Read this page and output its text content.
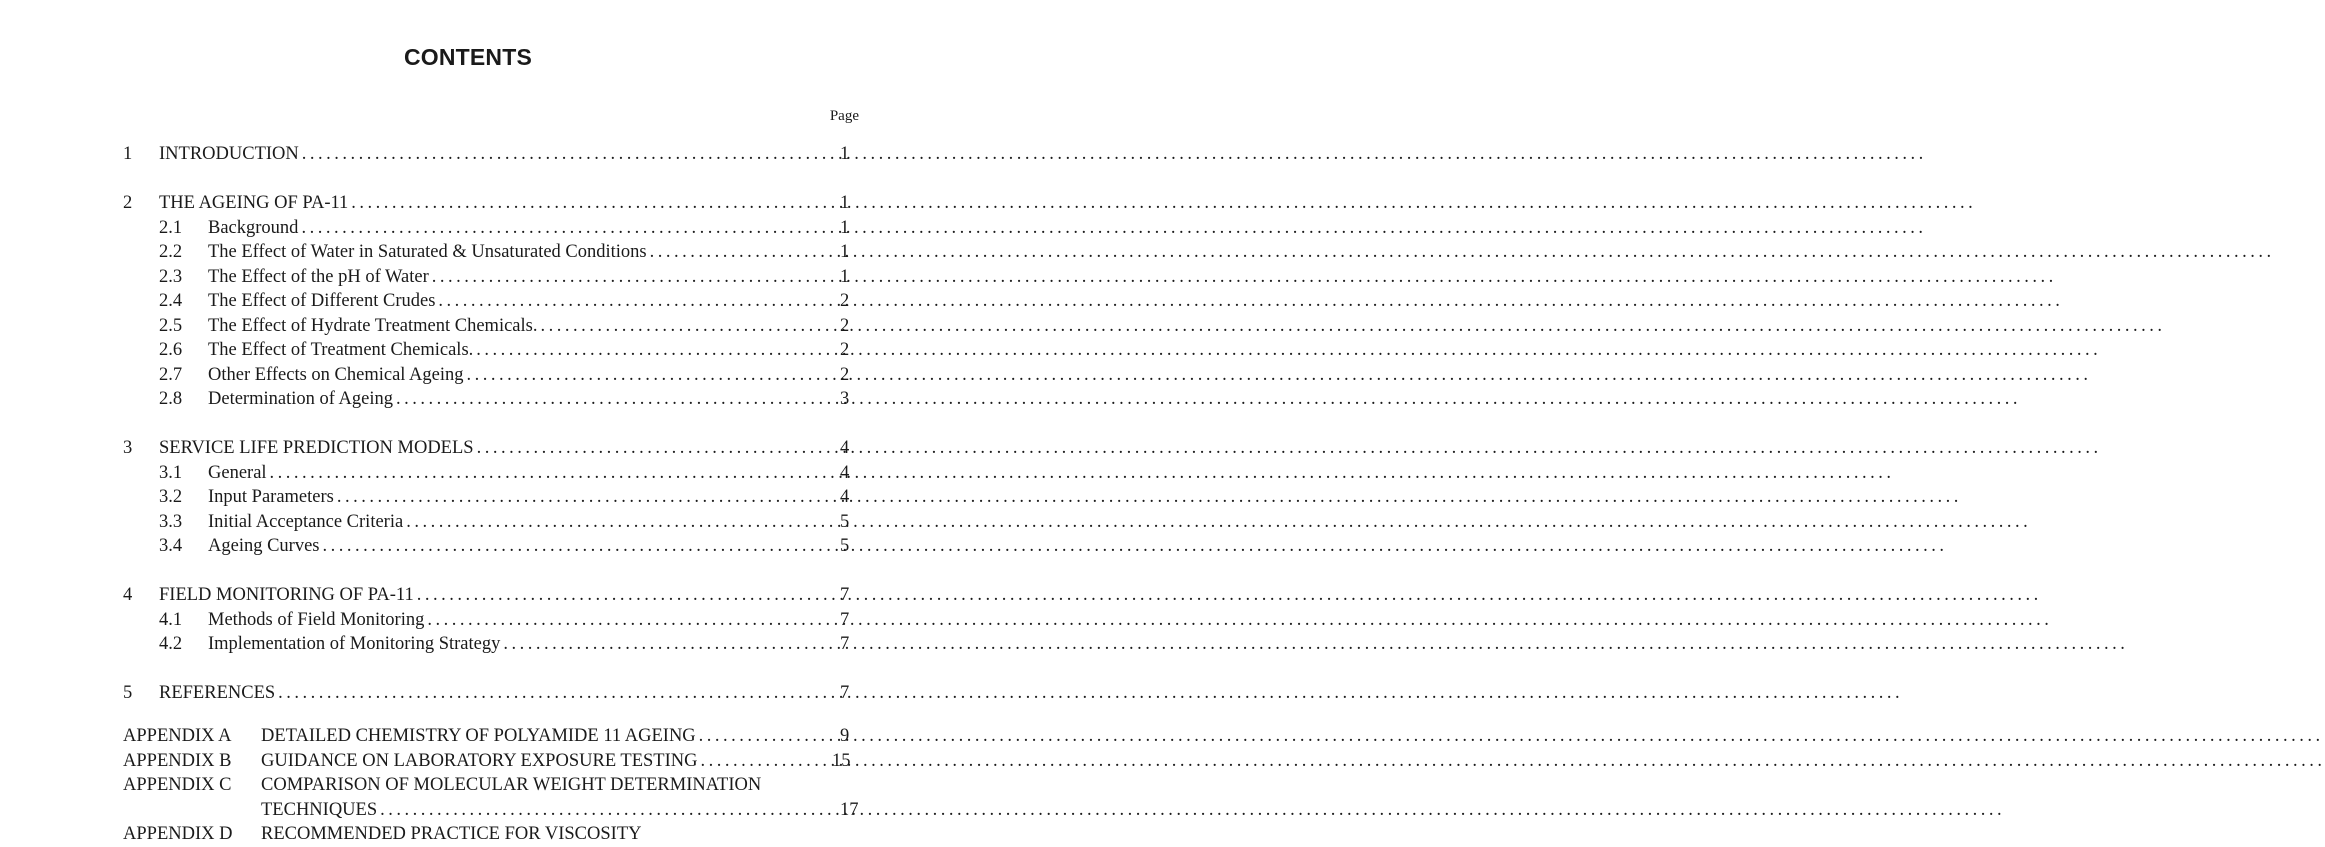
CONTENTS
Page
1 INTRODUCTION .....	1
2 THE AGEING OF PA-11 .....	1
2.1 Background .....	1
2.2 The Effect of Water in Saturated & Unsaturated Conditions .....	1
2.3 The Effect of the pH of Water .....	1
2.4 The Effect of Different Crudes .....	2
2.5 The Effect of Hydrate Treatment Chemicals. .....	2
2.6 The Effect of Treatment Chemicals. .....	2
2.7 Other Effects on Chemical Ageing .....	2
2.8 Determination of Ageing .....	3
3 SERVICE LIFE PREDICTION MODELS .....	4
3.1 General .....	4
3.2 Input Parameters .....	4
3.3 Initial Acceptance Criteria .....	5
3.4 Ageing Curves .....	5
4 FIELD MONITORING OF PA-11 .....	7
4.1 Methods of Field Monitoring .....	7
4.2 Implementation of Monitoring Strategy .....	7
5 REFERENCES .....	7
APPENDIX A DETAILED CHEMISTRY OF POLYAMIDE 11 AGEING .....	9
APPENDIX B GUIDANCE ON LABORATORY EXPOSURE TESTING .....	15
APPENDIX C COMPARISON OF MOLECULAR WEIGHT DETERMINATION
TECHNIQUES .....	17
APPENDIX D RECOMMENDED PRACTICE FOR VISCOSITY
